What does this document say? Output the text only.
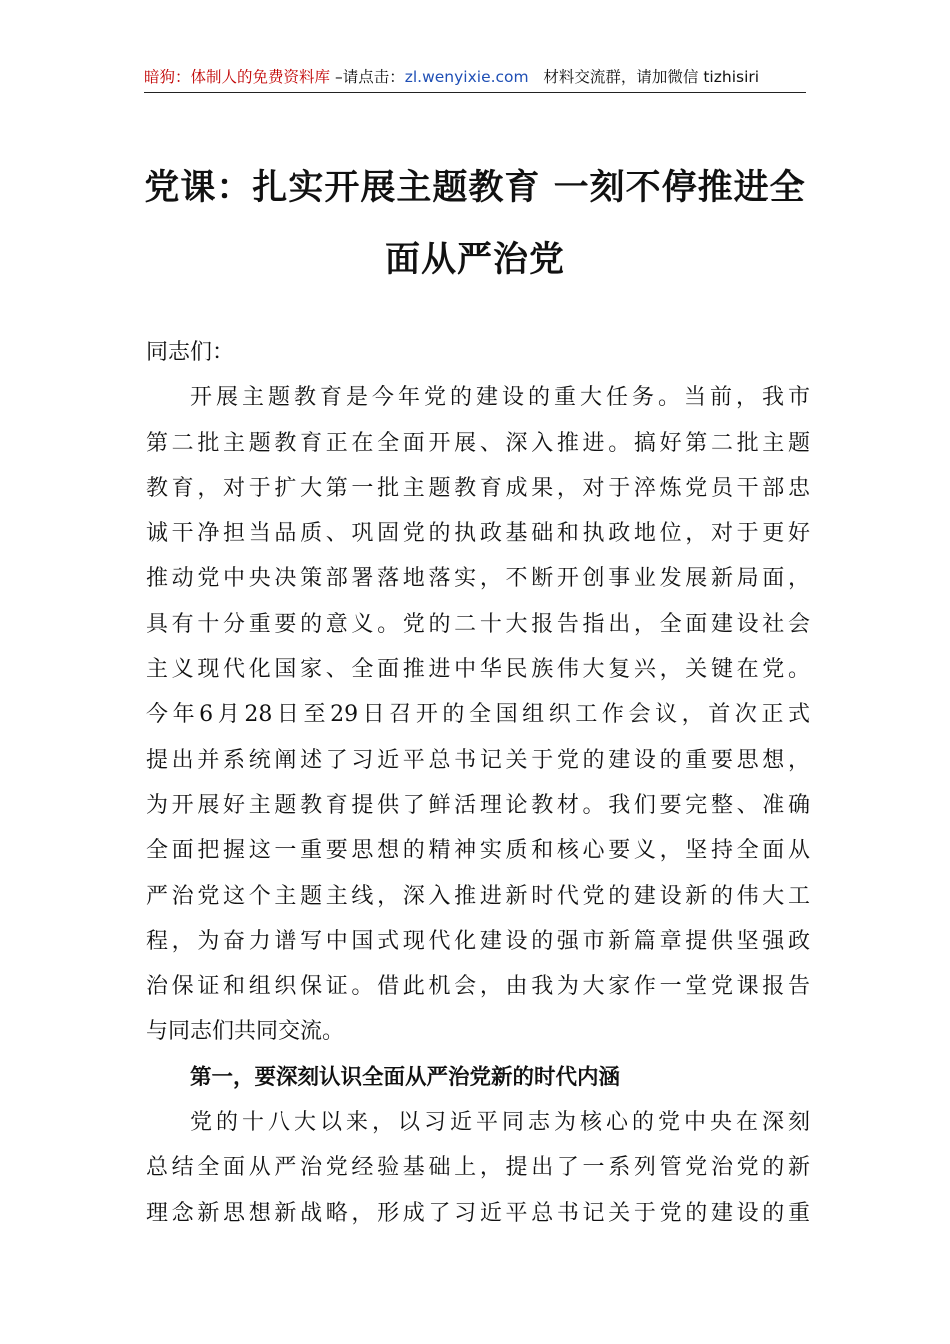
暗狗：体制人的免费资料库 –请点击：zl.wenyixie.com 材料交流群，请加微信 tizhisiri
党课：扎实开展主题教育 一刻不停推进全
面从严治党
同志们：
开展主题教育是今年党的建设的重大任务。当前，我市
第二批主题教育正在全面开展、深入推进。搞好第二批主题
教育，对于扩大第一批主题教育成果，对于淬炼党员干部忠
诚干净担当品质、巩固党的执政基础和执政地位，对于更好
推动党中央决策部署落地落实，不断开创事业发展新局面，
具有十分重要的意义。党的二十大报告指出，全面建设社会
主义现代化国家、全面推进中华民族伟大复兴，关键在党。
今年6月28日至29日召开的全国组织工作会议，首次正式
提出并系统阐述了习近平总书记关于党的建设的重要思想，
为开展好主题教育提供了鲜活理论教材。我们要完整、准确
全面把握这一重要思想的精神实质和核心要义，坚持全面从
严治党这个主题主线，深入推进新时代党的建设新的伟大工
程，为奋力谱写中国式现代化建设的强市新篇章提供坚强政
治保证和组织保证。借此机会，由我为大家作一堂党课报告
与同志们共同交流。
第一，要深刻认识全面从严治党新的时代内涵
党的十八大以来，以习近平同志为核心的党中央在深刻
总结全面从严治党经验基础上，提出了一系列管党治党的新
理念新思想新战略，形成了习近平总书记关于党的建设的重
